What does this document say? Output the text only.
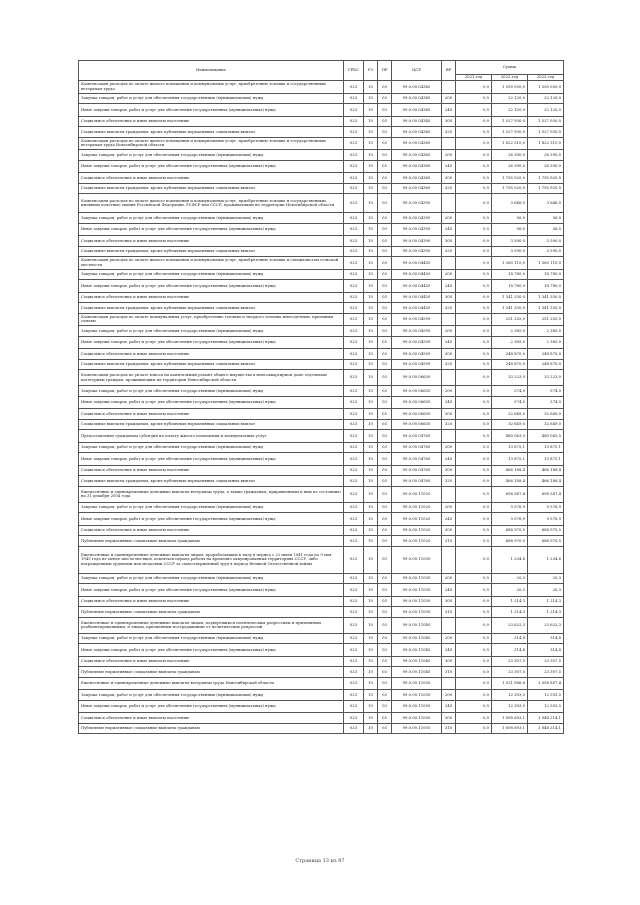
Наименование	ГРБС	РЗ	ПР	ЦСР	ВР	Сумма		
						2021 год	2022 год	2023 год
Компенсация расходов по оплате жилого помещения и коммунальных услуг, приобретению топлива и государственным ветеранам труда	023	10	03	99.0.00.04340		0,0	1 550 050,0	1 550 050,0
Закупка товаров, работ и услуг для обеспечения государственных (муниципальных) нужд	023	10	03	99.0.00.04340	200	0,0	22 120,0	22 120,0
Иные закупки товаров, работ и услуг для обеспечения государственных (муниципальных) нужд	023	10	03	99.0.00.04340	240	0,0	22 120,0	22 120,0
Социальное обеспечение и иные выплаты населению	023	10	03	99.0.00.04340	300	0,0	1 527 930,0	1 527 930,0
Социальные выплаты гражданам, кроме публичных нормативных социальных выплат	023	10	03	99.0.00.04340	320	0,0	1 527 930,0	1 527 930,0
Компенсация расходов по оплате жилого помещения и коммунальных услуг, приобретению топлива и государственным ветеранам труда Новосибирской области	023	10	03	99.0.00.04360		0,0	1 822 310,0	1 822 310,0
Закупка товаров, работ и услуг для обеспечения государственных (муниципальных) нужд	023	10	03	99.0.00.04360	200	0,0	26 390,0	26 390,0
Иные закупки товаров, работ и услуг для обеспечения государственных (муниципальных) нужд	023	10	03	99.0.00.04360	240	0,0	26 390,0	26 390,0
Социальное обеспечение и иные выплаты населению	023	10	03	99.0.00.04360	300	0,0	1 795 920,0	1 795 920,0
Социальные выплаты гражданам, кроме публичных нормативных социальных выплат	023	10	03	99.0.00.04360	320	0,0	1 795 920,0	1 795 920,0
Компенсация расходов по оплате жилого помещения и коммунальных услуг, приобретению топлива и государственным, имевшим почетные звания Российской Федерации, РСФСР или СССР, проживающим на территории Новосибирской области	023	10	03	99.0.00.04390		0,0	3 646,0	3 646,0
Закупка товаров, работ и услуг для обеспечения государственных (муниципальных) нужд	023	10	03	99.0.00.04390	200	0,0	56,0	56,0
Иные закупки товаров, работ и услуг для обеспечения государственных (муниципальных) нужд	023	10	03	99.0.00.04390	240	0,0	56,0	56,0
Социальное обеспечение и иные выплаты населению	023	10	03	99.0.00.04390	300	0,0	3 590,0	3 590,0
Социальные выплаты гражданам, кроме публичных нормативных социальных выплат	023	10	03	99.0.00.04390	320	0,0	3 590,0	3 590,0
Компенсация расходов по оплате жилого помещения и коммунальных услуг, приобретению топлива и специалистам сельской местности	023	10	03	99.0.00.04450		0,0	1 360 110,0	1 360 110,0
Закупка товаров, работ и услуг для обеспечения государственных (муниципальных) нужд	023	10	03	99.0.00.04450	200	0,0	18 780,0	18 780,0
Иные закупки товаров, работ и услуг для обеспечения государственных (муниципальных) нужд	023	10	03	99.0.00.04450	240	0,0	18 780,0	18 780,0
Социальное обеспечение и иные выплаты населению	023	10	03	99.0.00.04450	300	0,0	1 341 330,0	1 341 330,0
Социальные выплаты гражданам, кроме публичных нормативных социальных выплат	023	10	03	99.0.00.04450	320	0,0	1 341 330,0	1 341 330,0
Компенсация расходов по оплате коммунальных услуг, приобретению топлива и твердого топлива многодетным, приемным семьям	023	10	03	99.0.00.04599		0,0	251 255,0	251 255,0
Закупка товаров, работ и услуг для обеспечения государственных (муниципальных) нужд	023	10	03	99.0.00.04599	200	0,0	2 385,0	2 385,0
Иные закупки товаров, работ и услуг для обеспечения государственных (муниципальных) нужд	023	10	03	99.0.00.04599	240	0,0	2 385,0	2 385,0
Социальное обеспечение и иные выплаты населению	023	10	03	99.0.00.04599	300	0,0	248 870,0	248 870,0
Социальные выплаты гражданам, кроме публичных нормативных социальных выплат	023	10	03	99.0.00.04599	320	0,0	248 870,0	248 870,0
Компенсация расходов по уплате взноса на капитальный ремонт общего имущества в многоквартирном доме отдельным категориям граждан, проживающим на территории Новосибирской области	023	10	03	99.0.00.06630		0,0	33 223,0	33 223,0
Закупка товаров, работ и услуг для обеспечения государственных (муниципальных) нужд	023	10	03	99.0.00.06630	200	0,0	574,0	574,0
Иные закупки товаров, работ и услуг для обеспечения государственных (муниципальных) нужд	023	10	03	99.0.00.06630	240	0,0	574,0	574,0
Социальное обеспечение и иные выплаты населению	023	10	03	99.0.00.06630	300	0,0	32 649,0	32 649,0
Социальные выплаты гражданам, кроме публичных нормативных социальных выплат	023	10	03	99.0.00.06630	320	0,0	32 649,0	32 649,0
Предоставление гражданам субсидий на оплату жилого помещения и коммунальных услуг	023	10	03	99.0.00.04760		0,0	480 063,5	480 063,5
Закупка товаров, работ и услуг для обеспечения государственных (муниципальных) нужд	023	10	03	99.0.00.04760	200	0,0	13 875,1	13 875,1
Иные закупки товаров, работ и услуг для обеспечения государственных (муниципальных) нужд	023	10	03	99.0.00.04760	240	0,0	13 875,1	13 875,1
Социальное обеспечение и иные выплаты населению	023	10	03	99.0.00.04760	300	0,0	466 188,4	466 188,4
Социальные выплаты гражданам, кроме публичных нормативных социальных выплат	023	10	03	99.0.00.04760	320	0,0	466 188,4	466 188,4
Ежемесячные и единовременные денежные выплаты ветеранам труда, а также гражданам, приравненным к ним по состоянию на 31 декабря 2004 года	023	10	03	99.0.00.11020		0,0	698 547,4	698 547,4
Закупка товаров, работ и услуг для обеспечения государственных (муниципальных) нужд	023	10	03	99.0.00.11020	200	0,0	9 576,9	9 576,9
Иные закупки товаров, работ и услуг для обеспечения государственных (муниципальных) нужд	023	10	03	99.0.00.11020	240	0,0	9 576,9	9 576,9
Социальное обеспечение и иные выплаты населению	023	10	03	99.0.00.11020	300	0,0	688 970,5	688 970,5
Публичные нормативные социальные выплаты гражданам	023	10	03	99.0.00.11020	310	0,0	688 970,5	688 970,5
Ежемесячные и единовременные денежные выплаты лицам, проработавшим в тылу в период с 22 июня 1941 года по 9 мая 1945 года не менее шести месяцев, исключая период работы на временно оккупированных территориях СССР, либо награжденным орденами или медалями СССР за самоотверженный труд в период Великой Отечественной войны	023	10	03	99.0.00.11030		0,0	1 234,6	1 234,6
Закупка товаров, работ и услуг для обеспечения государственных (муниципальных) нужд	023	10	03	99.0.00.11030	200	0,0	20,3	20,3
Иные закупки товаров, работ и услуг для обеспечения государственных (муниципальных) нужд	023	10	03	99.0.00.11030	240	0,0	20,3	20,3
Социальное обеспечение и иные выплаты населению	023	10	03	99.0.00.11030	300	0,0	1 214,3	1 214,3
Публичные нормативные социальные выплаты гражданам	023	10	03	99.0.00.11030	310	0,0	1 214,3	1 214,3
Ежемесячные и единовременные денежные выплаты лицам, подвергшимся политическим репрессиям и признанным реабилитированными, и лицам, признанным пострадавшими от политических репрессий	023	10	03	99.0.00.11040		0,0	23 622,3	23 622,3
Закупка товаров, работ и услуг для обеспечения государственных (муниципальных) нужд	023	10	03	99.0.00.11040	200	0,0	314,8	314,8
Иные закупки товаров, работ и услуг для обеспечения государственных (муниципальных) нужд	023	10	03	99.0.00.11040	240	0,0	314,8	314,8
Социальное обеспечение и иные выплаты населению	023	10	03	99.0.00.11040	300	0,0	23 307,5	23 307,5
Публичные нормативные социальные выплаты гражданам	023	10	03	99.0.00.11040	310	0,0	23 307,5	23 307,5
Ежемесячные и единовременные денежные выплаты ветеранам труда Новосибирской области	023	10	03	99.0.00.11050		0,0	1 021 086,6	1 058 807,4
Закупка товаров, работ и услуг для обеспечения государственных (муниципальных) нужд	023	10	03	99.0.00.11050	200	0,0	12 393,5	12 593,5
Иные закупки товаров, работ и услуг для обеспечения государственных (муниципальных) нужд	023	10	03	99.0.00.11050	240	0,0	12 393,5	12 593,5
Социальное обеспечение и иные выплаты населению	023	10	03	99.0.00.11050	300	0,0	1 008 693,1	1 046 214,1
Публичные нормативные социальные выплаты гражданам	023	10	03	99.0.00.11050	310	0,0	1 008 693,1	1 046 214,1
Страница 13 из 87
